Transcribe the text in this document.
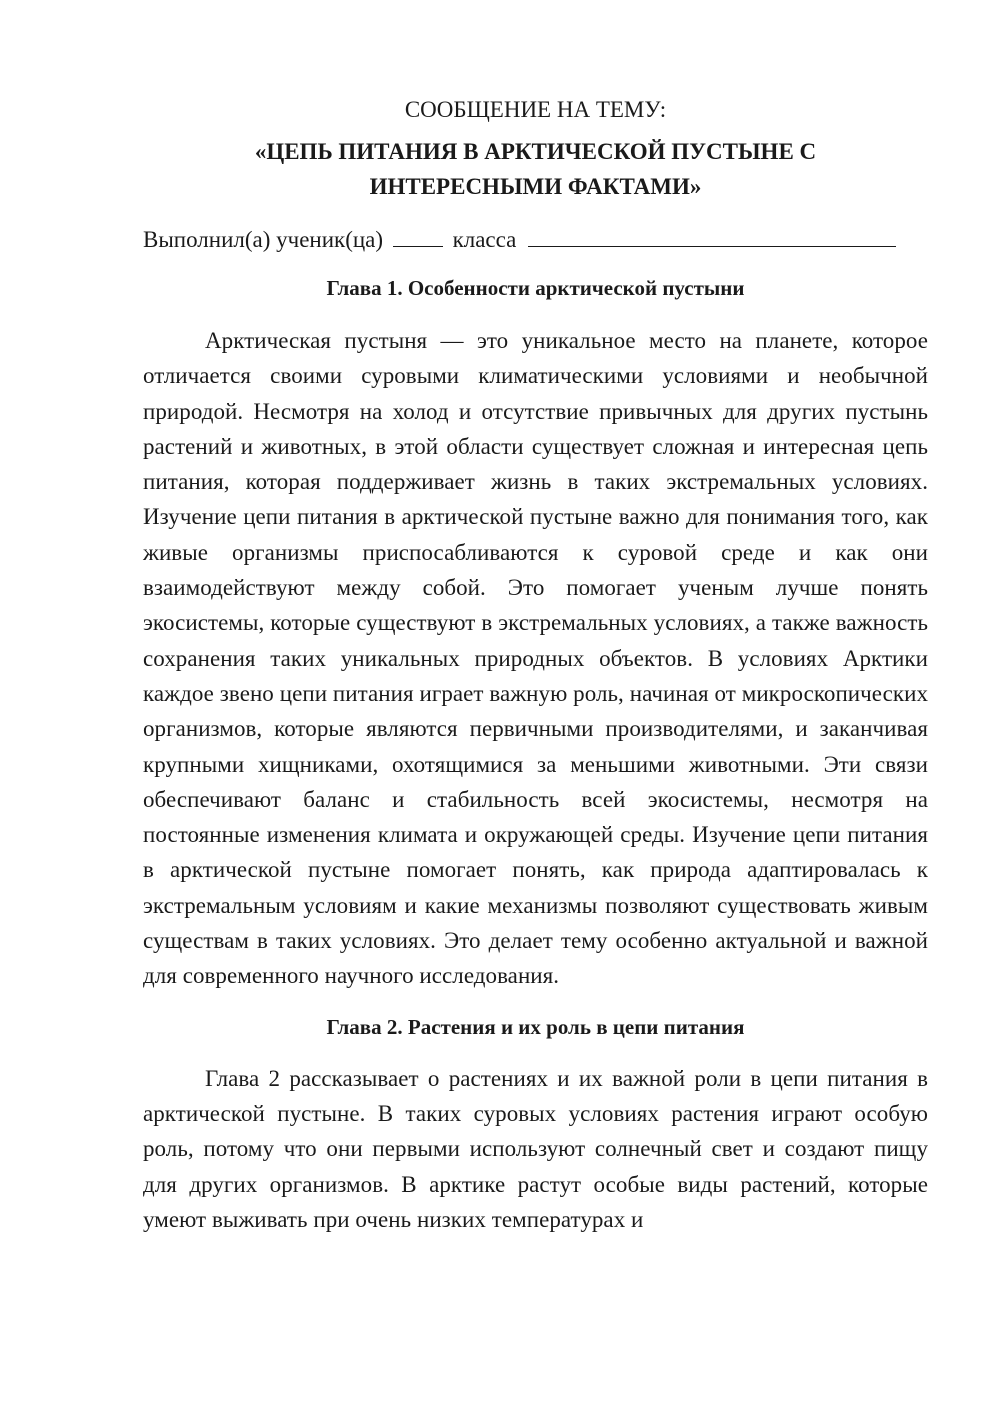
СООБЩЕНИЕ НА ТЕМУ:

«ЦЕПЬ ПИТАНИЯ В АРКТИЧЕСКОЙ ПУСТЫНЕ С
ИНТЕРЕСНЫМИ ФАКТАМИ»

Выполнил(а) ученик(ца)	класса

Глава 1. Особенности арктической пустыни

Арктическая пустыня — это уникальное место на планете, которое отличается своими суровыми климатическими условиями и необычной природой. Несмотря на холод и отсутствие привычных для других пустынь растений и животных, в этой области существует сложная и интересная цепь питания, которая поддерживает жизнь в таких экстремальных условиях. Изучение цепи питания в арктической пустыне важно для понимания того, как живые организмы приспосабливаются к суровой среде и как они взаимодействуют между собой. Это помогает ученым лучше понять экосистемы, которые существуют в экстремальных условиях, а также важность сохранения таких уникальных природных объектов. В условиях Арктики каждое звено цепи питания играет важную роль, начиная от микроскопических организмов, которые являются первичными производителями, и заканчивая крупными хищниками, охотящимися за меньшими животными. Эти связи обеспечивают баланс и стабильность всей экосистемы, несмотря на постоянные изменения климата и окружающей среды. Изучение цепи питания в арктической пустыне помогает понять, как природа адаптировалась к экстремальным условиям и какие механизмы позволяют существовать живым существам в таких условиях. Это делает тему особенно актуальной и важной для современного научного исследования.

Глава 2. Растения и их роль в цепи питания

Глава 2 рассказывает о растениях и их важной роли в цепи питания в арктической пустыне. В таких суровых условиях растения играют особую роль, потому что они первыми используют солнечный свет и создают пищу для других организмов. В арктике растут особые виды растений, которые умеют выживать при очень низких температурах и
